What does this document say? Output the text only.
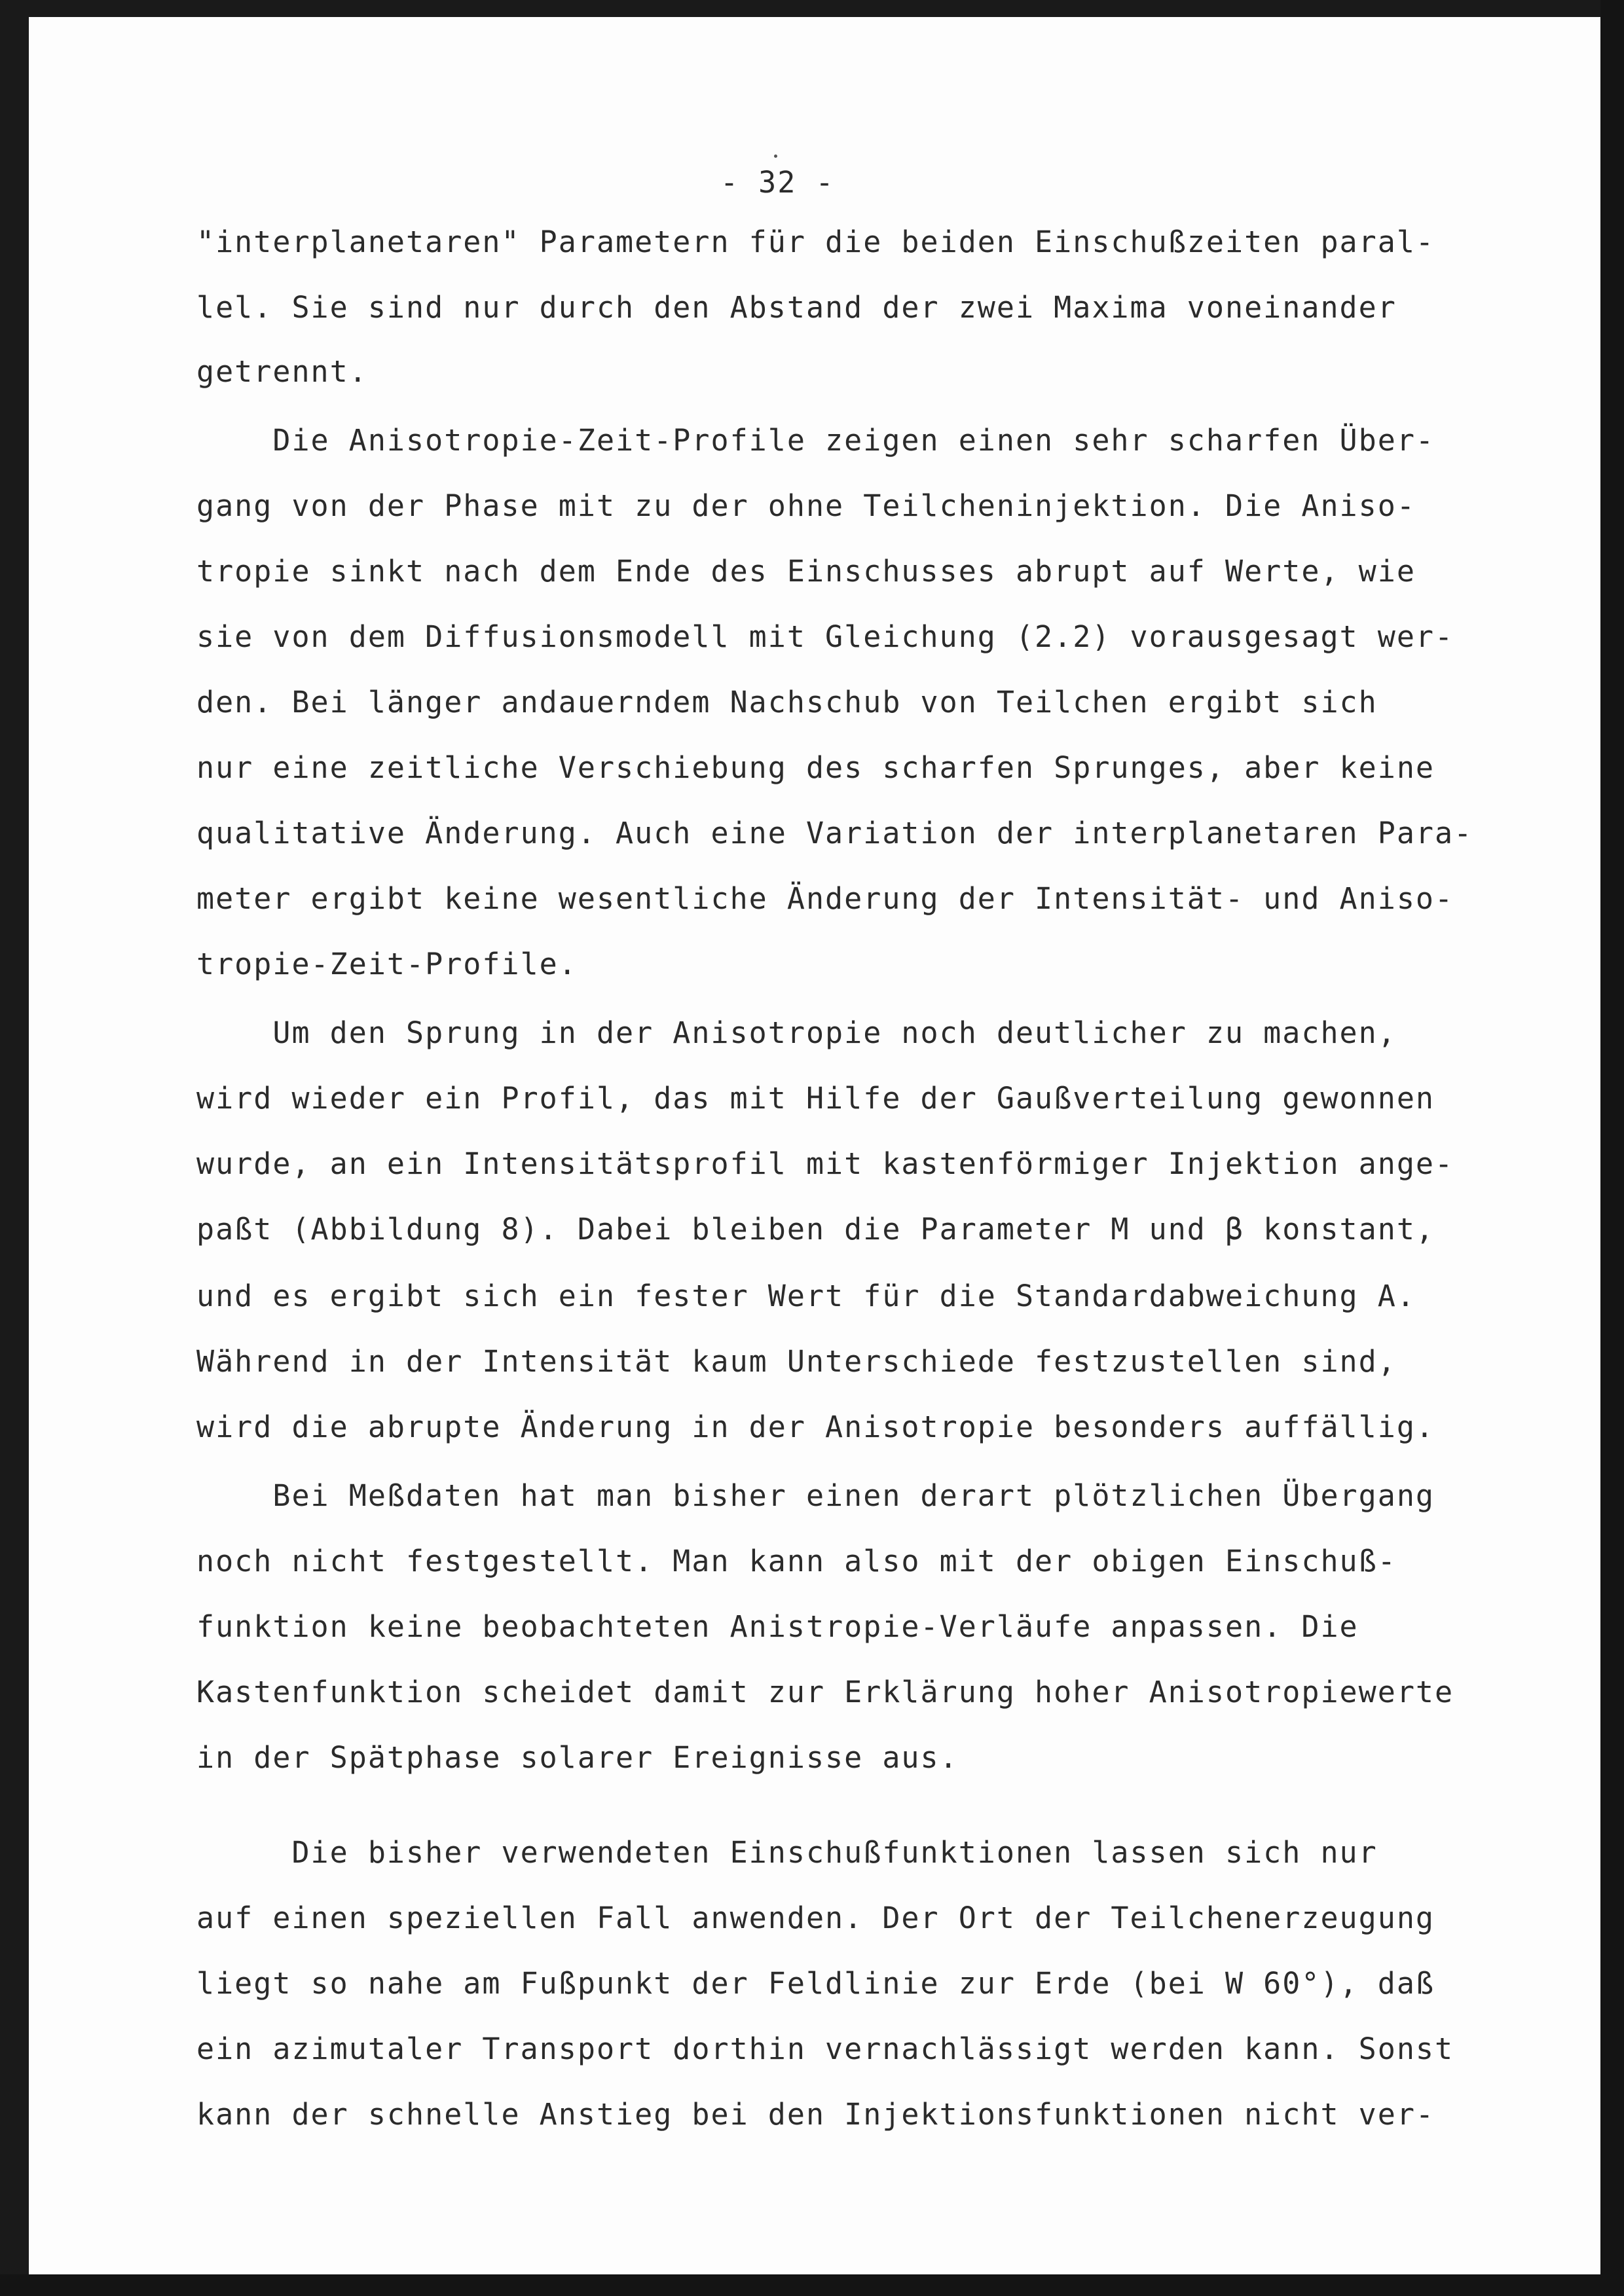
- 32 -

"interplanetaren" Parametern für die beiden Einschußzeiten paral-

lel. Sie sind nur durch den Abstand der zwei Maxima voneinander

getrennt.

Die Anisotropie-Zeit-Profile zeigen einen sehr scharfen Über-

gang von der Phase mit zu der ohne Teilcheninjektion. Die Aniso-

tropie sinkt nach dem Ende des Einschusses abrupt auf Werte, wie

sie von dem Diffusionsmodell mit Gleichung (2.2) vorausgesagt wer-

den. Bei länger andauerndem Nachschub von Teilchen ergibt sich

nur eine zeitliche Verschiebung des scharfen Sprunges, aber keine

qualitative Änderung. Auch eine Variation der interplanetaren Para-

meter ergibt keine wesentliche Änderung der Intensität- und Aniso-

tropie-Zeit-Profile.

Um den Sprung in der Anisotropie noch deutlicher zu machen,

wird wieder ein Profil, das mit Hilfe der Gaußverteilung gewonnen

wurde, an ein Intensitätsprofil mit kastenförmiger Injektion ange-

paßt (Abbildung 8). Dabei bleiben die Parameter M und β konstant,

und es ergibt sich ein fester Wert für die Standardabweichung A.

Während in der Intensität kaum Unterschiede festzustellen sind,

wird die abrupte Änderung in der Anisotropie besonders auffällig.

Bei Meßdaten hat man bisher einen derart plötzlichen Übergang

noch nicht festgestellt. Man kann also mit der obigen Einschuß-

funktion keine beobachteten Anistropie-Verläufe anpassen. Die

Kastenfunktion scheidet damit zur Erklärung hoher Anisotropiewerte

in der Spätphase solarer Ereignisse aus.

Die bisher verwendeten Einschußfunktionen lassen sich nur

auf einen speziellen Fall anwenden. Der Ort der Teilchenerzeugung

liegt so nahe am Fußpunkt der Feldlinie zur Erde (bei W 60°), daß

ein azimutaler Transport dorthin vernachlässigt werden kann. Sonst

kann der schnelle Anstieg bei den Injektionsfunktionen nicht ver-
